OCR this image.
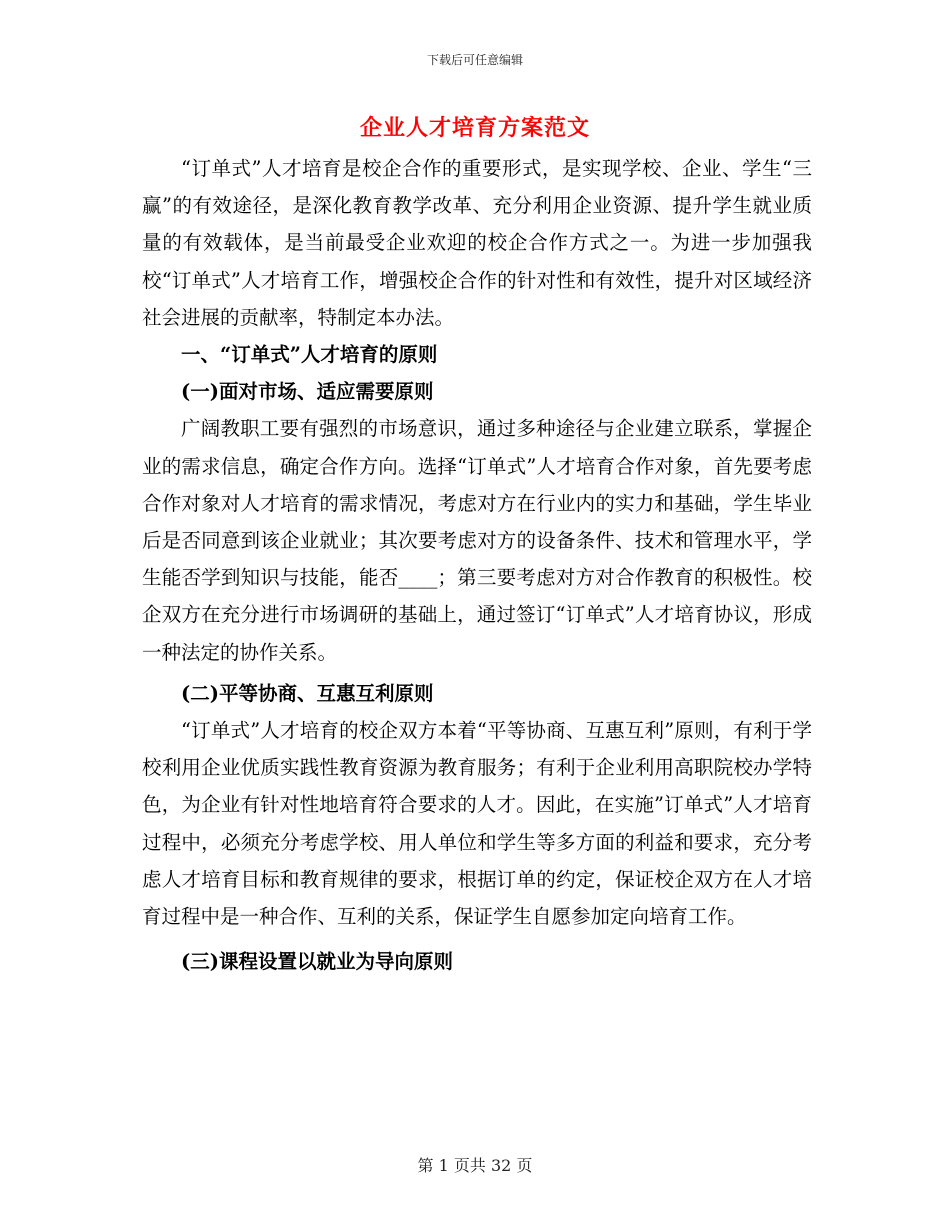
下载后可任意编辑
企业人才培育方案范文

“订单式”人才培育是校企合作的重要形式，是实现学校、企业、学生“三赢”的有效途径，是深化教育教学改革、充分利用企业资源、提升学生就业质量的有效载体，是当前最受企业欢迎的校企合作方式之一。为进一步加强我校“订单式”人才培育工作，增强校企合作的针对性和有效性，提升对区域经济社会进展的贡献率，特制定本办法。

一、“订单式”人才培育的原则
(一)面对市场、适应需要原则

广阔教职工要有强烈的市场意识，通过多种途径与企业建立联系，掌握企业的需求信息，确定合作方向。选择“订单式”人才培育合作对象，首先要考虑合作对象对人才培育的需求情况，考虑对方在行业内的实力和基础，学生毕业后是否同意到该企业就业；其次要考虑对方的设备条件、技术和管理水平，学生能否学到知识与技能，能否____；第三要考虑对方对合作教育的积极性。校企双方在充分进行市场调研的基础上，通过签订“订单式”人才培育协议，形成一种法定的协作关系。

(二)平等协商、互惠互利原则

“订单式”人才培育的校企双方本着“平等协商、互惠互利”原则，有利于学校利用企业优质实践性教育资源为教育服务；有利于企业利用高职院校办学特色，为企业有针对性地培育符合要求的人才。因此，在实施”订单式”人才培育过程中，必须充分考虑学校、用人单位和学生等多方面的利益和要求，充分考虑人才培育目标和教育规律的要求，根据订单的约定，保证校企双方在人才培育过程中是一种合作、互利的关系，保证学生自愿参加定向培育工作。

(三)课程设置以就业为导向原则
第 1 页共 32 页
